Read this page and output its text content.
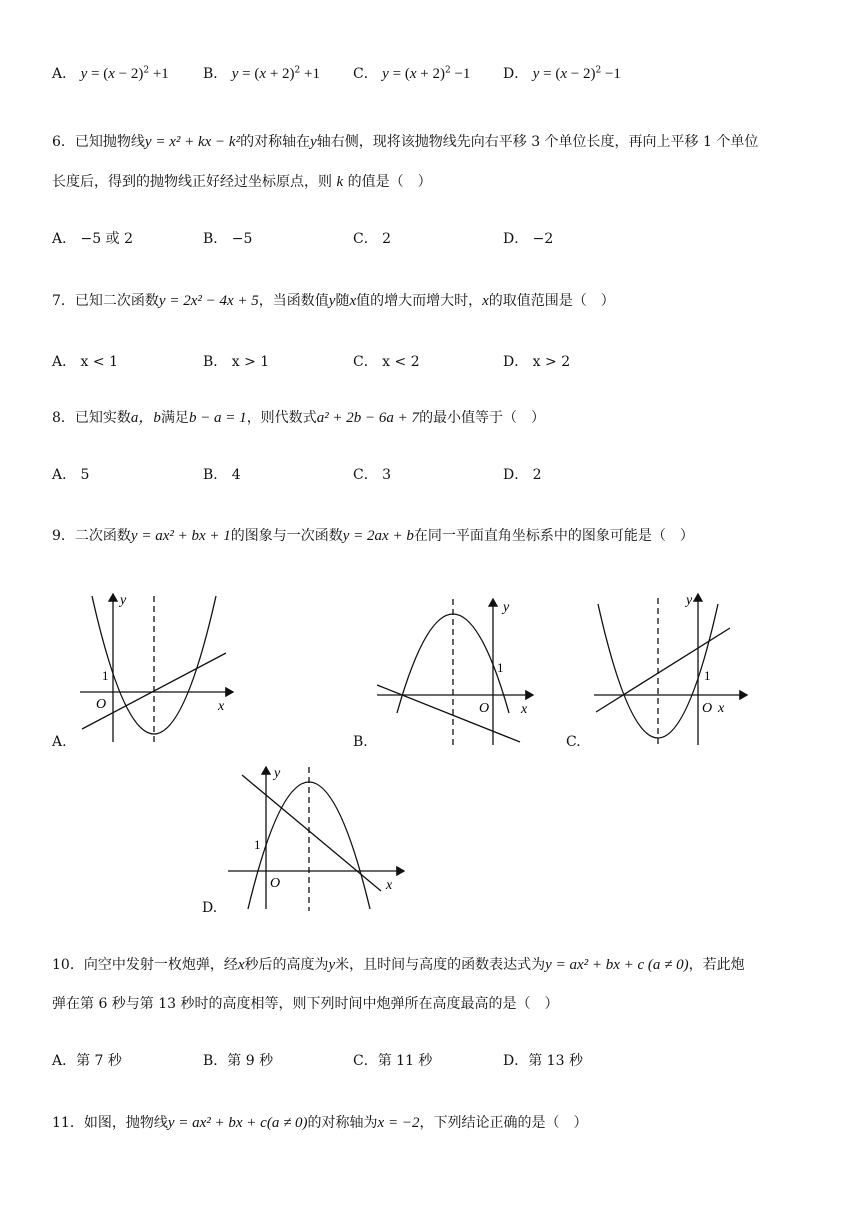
A． $y = (x - 2)^2 +1$ B． $y = (x + 2)^2 +1$ C． $y = (x + 2)^2 -1$ D． $y = (x - 2)^2 -1$
6．已知抛物线y = x² + kx − k²的对称轴在y轴右侧，现将该抛物线先向右平移 3 个单位长度，再向上平移 1 个单位
长度后，得到的抛物线正好经过坐标原点，则 k 的值是（　）
A． −5 或 2	B． −5	C． 2	D． −2
7．已知二次函数y = 2x² − 4x + 5，当函数值y随x值的增大而增大时，x的取值范围是（　）
A． x < 1	B． x > 1	C． x < 2	D． x > 2
8．已知实数a，b满足b − a = 1，则代数式a² + 2b − 6a + 7的最小值等于（　）
A． 5	B． 4	C． 3	D． 2
9．二次函数y = ax² + bx + 1的图象与一次函数y = 2ax + b在同一平面直角坐标系中的图象可能是（　）
y
1
O	x
A.
y
1
O x
B.
y
1
O x
C.
y
1
O	x
D.
10．向空中发射一枚炮弹，经x秒后的高度为y米，且时间与高度的函数表达式为y = ax² + bx + c (a ≠ 0)，若此炮
弹在第 6 秒与第 13 秒时的高度相等，则下列时间中炮弹所在高度最高的是（　）
A．第 7 秒	B．第 9 秒	C．第 11 秒	D．第 13 秒
11．如图，抛物线y = ax² + bx + c(a ≠ 0)的对称轴为x = −2，下列结论正确的是（　）
